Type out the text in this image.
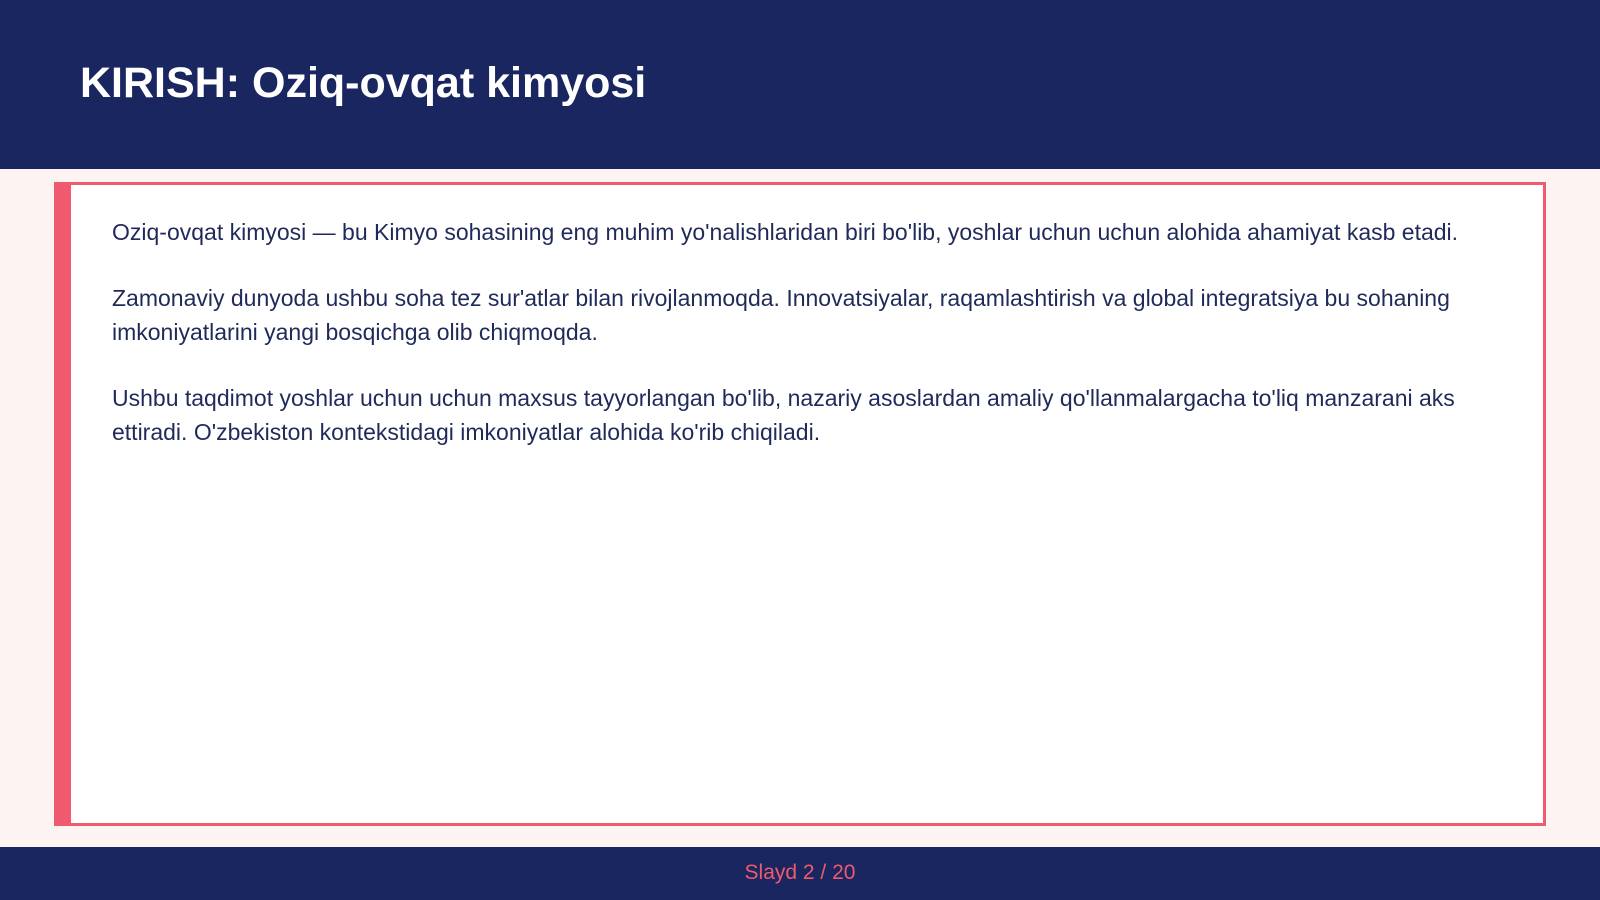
KIRISH: Oziq-ovqat kimyosi

Oziq-ovqat kimyosi — bu Kimyo sohasining eng muhim yo'nalishlaridan biri bo'lib, yoshlar uchun uchun alohida ahamiyat kasb etadi.

Zamonaviy dunyoda ushbu soha tez sur'atlar bilan rivojlanmoqda. Innovatsiyalar, raqamlashtirish va global integratsiya bu sohaning imkoniyatlarini yangi bosqichga olib chiqmoqda.

Ushbu taqdimot yoshlar uchun uchun maxsus tayyorlangan bo'lib, nazariy asoslardan amaliy qo'llanmalargacha to'liq manzarani aks ettiradi. O'zbekiston kontekstidagi imkoniyatlar alohida ko'rib chiqiladi.

Slayd 2 / 20
